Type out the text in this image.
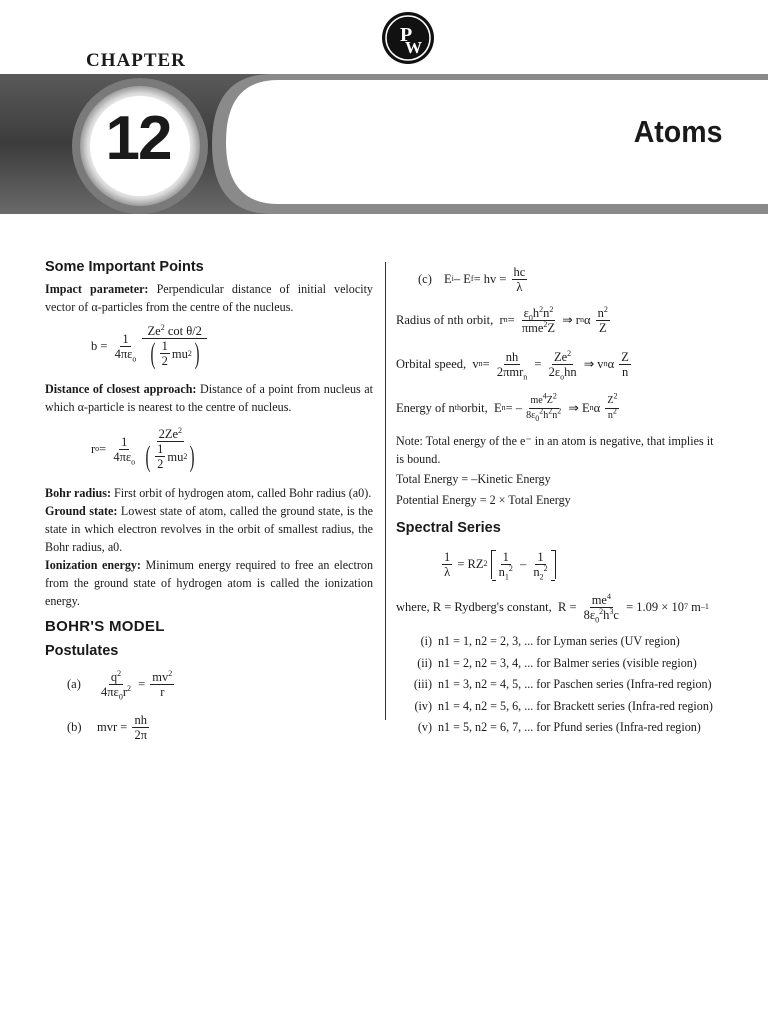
P
W
CHAPTER
12	Atoms
Some Important Points

Impact parameter: Perpendicular distance of initial velocity vector of α-particles from the centre of the nucleus.

$b = \frac{1}{4\pi\varepsilon_o} Ze^2$ cot θ/2
( $\frac{1}{2}$ mu 2
)

Distance of closest approach: Distance of a point from nucleus at which α-particle is nearest to the centre of nucleus.

r $o = \frac{1}{4\pi\varepsilon_o} 2Ze^2$
( $\frac{1}{2}$ mu 2
)

Bohr radius: First orbit of hydrogen atom, called Bohr radius (a0).

Ground state: Lowest state of atom, called the ground state, is the state in which electron revolves in the orbit of smallest radius, the Bohr radius, a0.

Ionization energy: Minimum energy required to free an electron from the ground state of hydrogen atom is called the ionization energy.

BOHR'S MODEL
Postulates
(a)	$\frac{q^2}{4\pi\varepsilon_0r^2} = \frac{mv^2}{r}$
(b)	mvr = $\frac{nh}{2\pi}$
(c) E i – E f = hv = $\frac{hc}{\lambda}$
Radius of nth orbit, r $n = \frac{\varepsilon_0h^2n^2}{\pi me^2Z}$ ⇒ r n α $\frac{n^2}{Z}$
Orbital speed, v $n = \frac{nh}{2\pi mr_n} = \frac{Ze^2}{2\varepsilon_ohn}$ ⇒ v n α $\frac{Z}{n}$
Energy of n th orbit, E n = – $\frac{me^4Z^2}{8\varepsilon_0^2h^2n^2}$ ⇒ E n α $\frac{Z^2}{n^2}$

Note: Total energy of the e⁻ in an atom is negative, that implies it is bound.

Total Energy = –Kinetic Energy

Potential Energy = 2 × Total Energy

Spectral Series
$\frac{1}{\lambda}$ = RZ 2
$\frac{1}{n_1^2} - \frac{1}{n_2^2}$
where, R = Rydberg's constant, $R = \frac{me^4}{8\varepsilon_0^2h^3c}$
= 1.09 × 10 7 m –1
(i) n1 = 1, n2 = 2, 3, ... for Lyman series (UV region)
(ii) n1 = 2, n2 = 3, 4, ... for Balmer series (visible region)
(iii) n1 = 3, n2 = 4, 5, ... for Paschen series (Infra-red region)
(iv) n1 = 4, n2 = 5, 6, ... for Brackett series (Infra-red region)
(v) n1 = 5, n2 = 6, 7, ... for Pfund series (Infra-red region)
